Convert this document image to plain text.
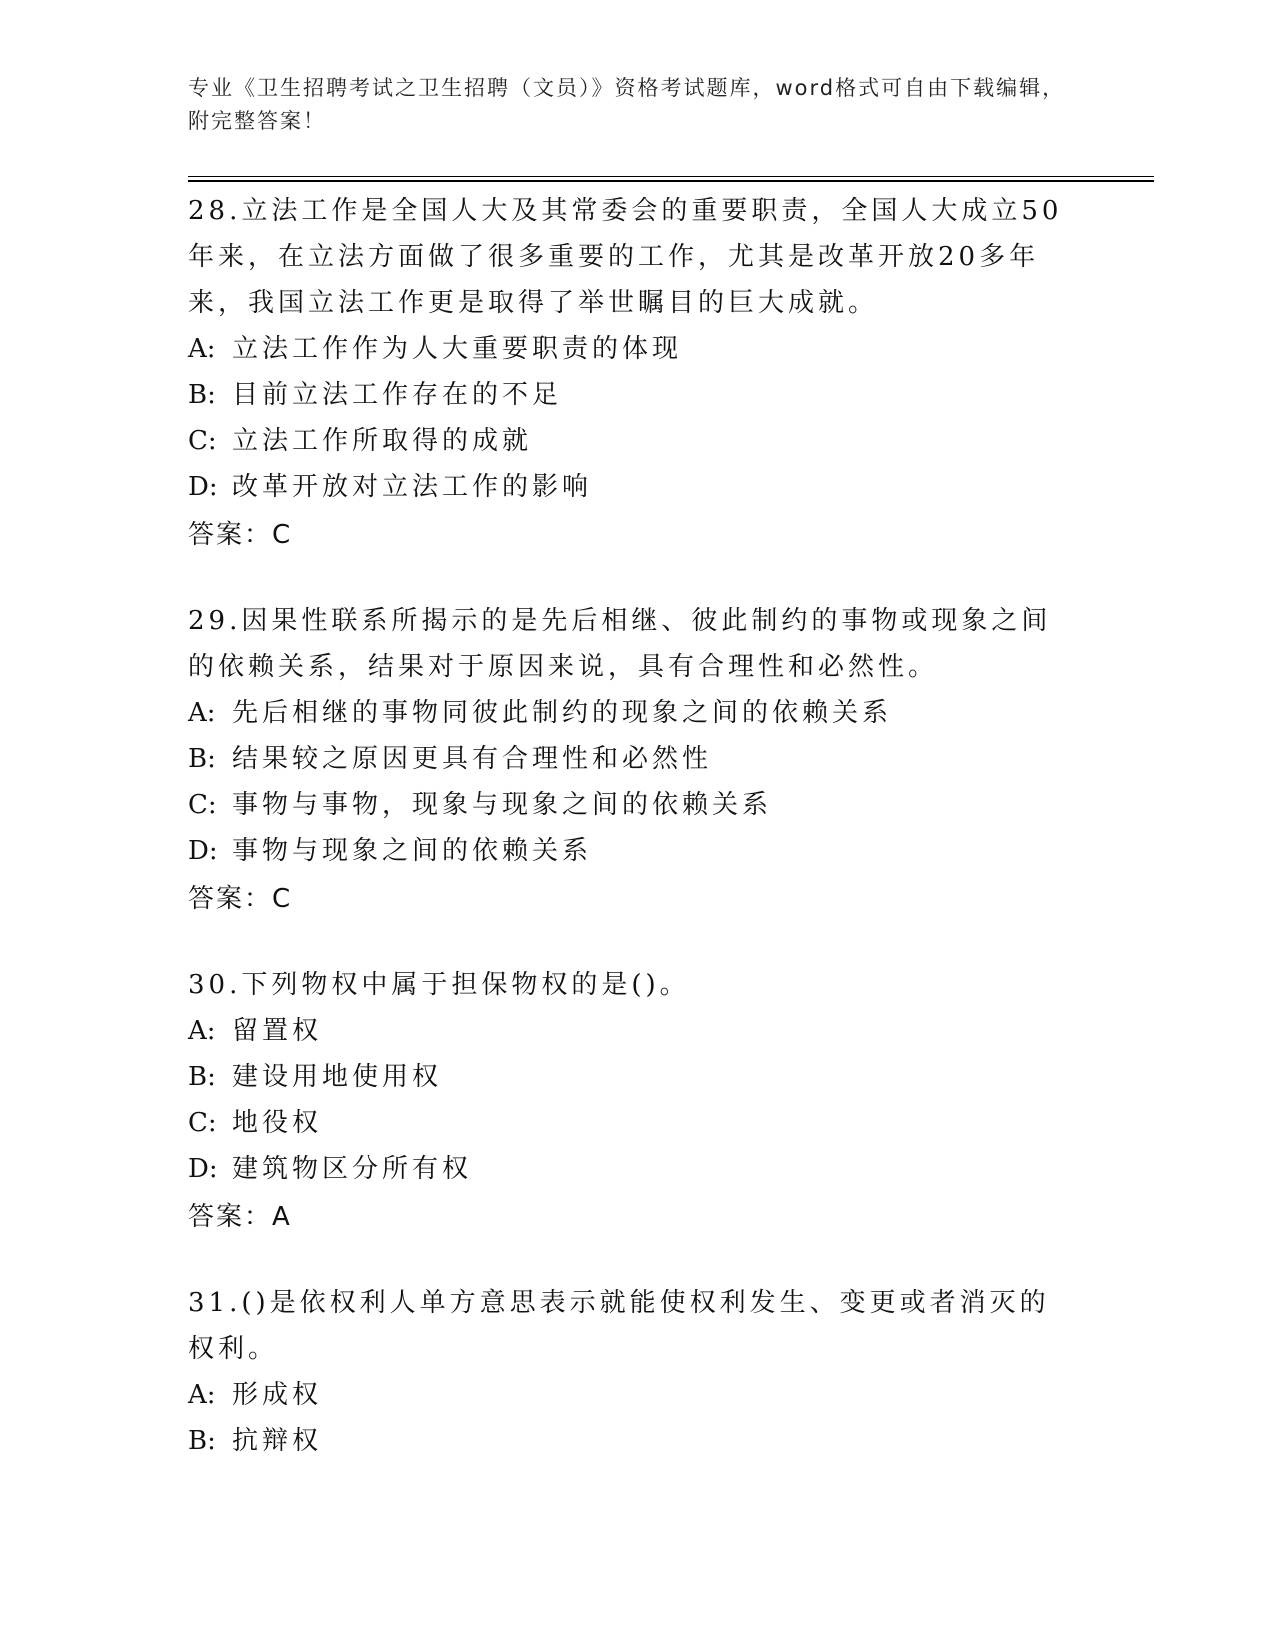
专业《卫生招聘考试之卫生招聘（文员）》资格考试题库，word格式可自由下载编辑，附完整答案！
28.立法工作是全国人大及其常委会的重要职责，全国人大成立50年来，在立法方面做了很多重要的工作，尤其是改革开放20多年来，我国立法工作更是取得了举世瞩目的巨大成就。
A: 立法工作作为人大重要职责的体现
B: 目前立法工作存在的不足
C: 立法工作所取得的成就
D: 改革开放对立法工作的影响
答案：C
29.因果性联系所揭示的是先后相继、彼此制约的事物或现象之间的依赖关系，结果对于原因来说，具有合理性和必然性。
A: 先后相继的事物同彼此制约的现象之间的依赖关系
B: 结果较之原因更具有合理性和必然性
C: 事物与事物，现象与现象之间的依赖关系
D: 事物与现象之间的依赖关系
答案：C
30.下列物权中属于担保物权的是()。
A: 留置权
B: 建设用地使用权
C: 地役权
D: 建筑物区分所有权
答案：A
31.()是依权利人单方意思表示就能使权利发生、变更或者消灭的权利。
A: 形成权
B: 抗辩权
